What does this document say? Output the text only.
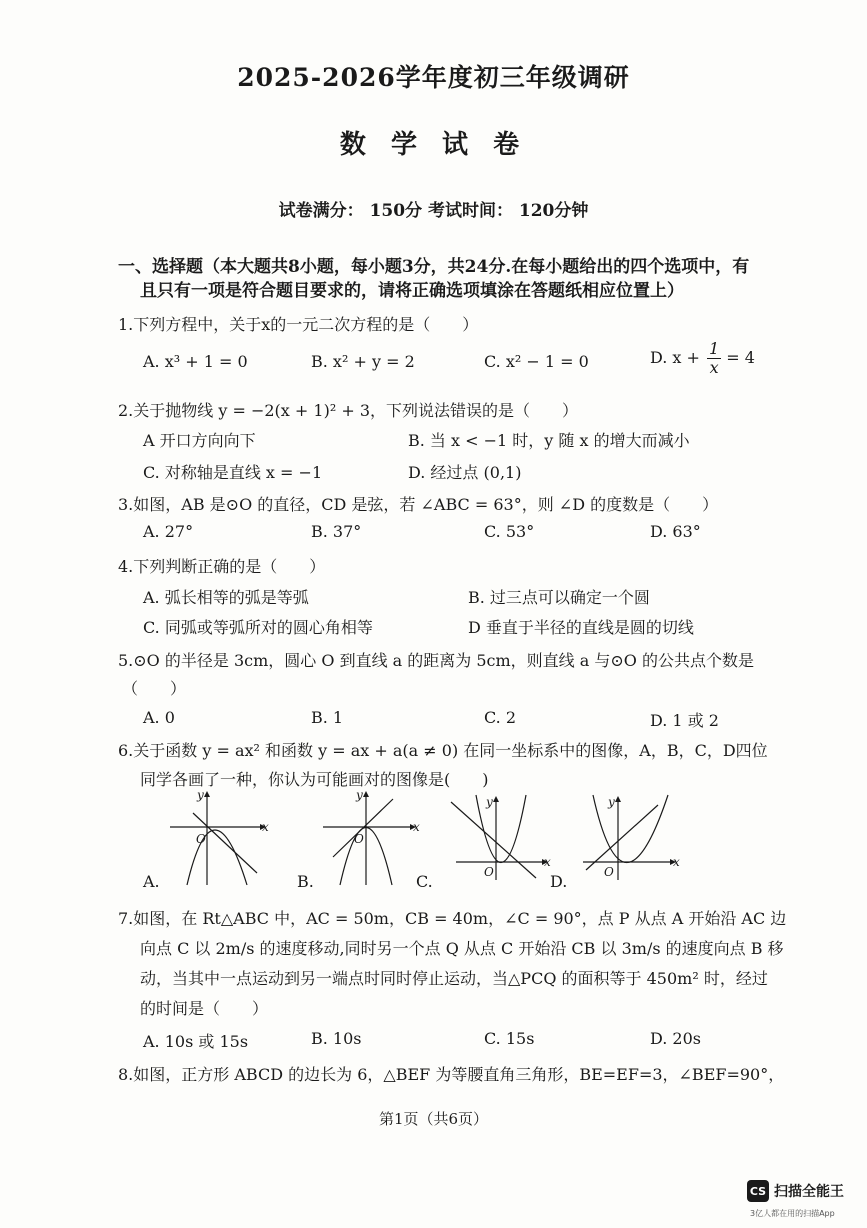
2025-2026学年度初三年级调研
数 学 试 卷
试卷满分： 150分 考试时间： 120分钟
一、选择题（本大题共8小题，每小题3分，共24分.在每小题给出的四个选项中，有
且只有一项是符合题目要求的，请将正确选项填涂在答题纸相应位置上）
1.下列方程中，关于x的一元二次方程的是（　　）
A. x³ + 1 = 0	B. x² + y = 2	C. x² − 1 = 0	D. $x + \frac{1}{x} = 4$
2.关于抛物线 y = −2(x + 1)² + 3，下列说法错误的是（　　）
A 开口方向向下	B. 当 x < −1 时，y 随 x 的增大而减小
C. 对称轴是直线 x = −1	D. 经过点 (0,1)
3.如图，AB 是⊙O 的直径，CD 是弦，若 ∠ABC = 63°，则 ∠D 的度数是（　　）
A. 27°	B. 37°	C. 53°	D. 63°
4.下列判断正确的是（　　）
A. 弧长相等的弧是等弧	B. 过三点可以确定一个圆
C. 同弧或等弧所对的圆心角相等	D 垂直于半径的直线是圆的切线
5.⊙O 的半径是 3cm，圆心 O 到直线 a 的距离为 5cm，则直线 a 与⊙O 的公共点个数是
（　　）
A. 0	B. 1	C. 2	D. 1 或 2
6.关于函数 y = ax² 和函数 y = ax + a(a ≠ 0) 在同一坐标系中的图像，A，B，C，D四位
同学各画了一种，你认为可能画对的图像是(　　)
x
y
O
A.
x
y
O
B.
x
y
O
C.
x
y
O
D.
7.如图，在 Rt△ABC 中，AC = 50m，CB = 40m，∠C = 90°，点 P 从点 A 开始沿 AC 边
向点 C 以 2m/s 的速度移动,同时另一个点 Q 从点 C 开始沿 CB 以 3m/s 的速度向点 B 移
动，当其中一点运动到另一端点时同时停止运动，当△PCQ 的面积等于 450m² 时，经过
的时间是（　　）
A. 10s 或 15s	B. 10s	C. 15s	D. 20s
8.如图，正方形 ABCD 的边长为 6，△BEF 为等腰直角三角形，BE=EF=3，∠BEF=90°，
第1页（共6页）
CS 扫描全能王
3亿人都在用的扫描App
